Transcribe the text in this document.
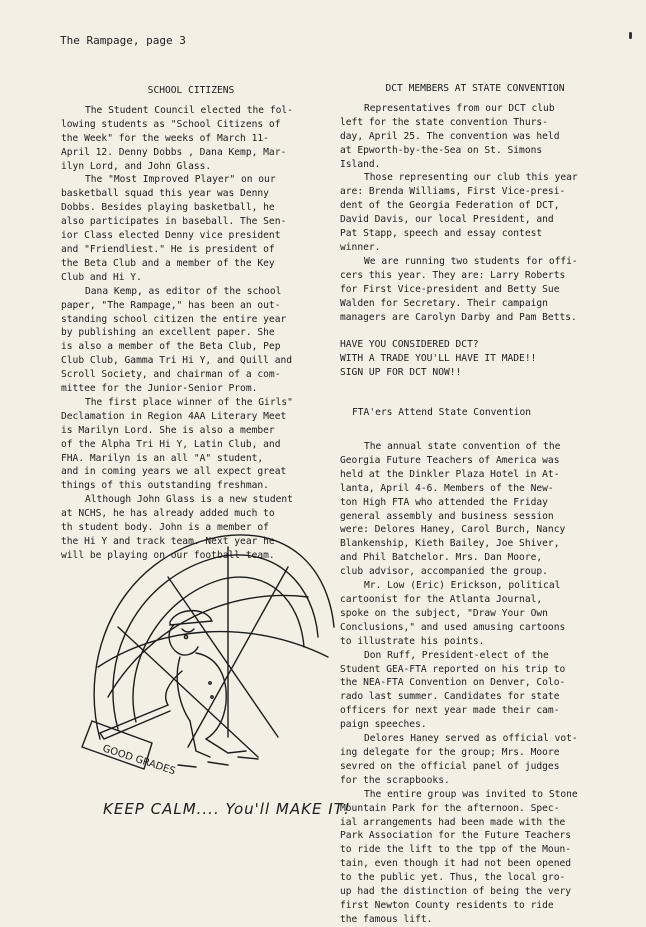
The Rampage, page 3
SCHOOL CITIZENS

The Student Council elected the fol-
lowing students as "School Citizens of
the Week" for the weeks of March 11-
April 12. Denny Dobbs , Dana Kemp, Mar-
ilyn Lord, and John Glass.

The "Most Improved Player" on our
basketball squad this year was Denny
Dobbs. Besides playing basketball, he
also participates in baseball. The Sen-
ior Class elected Denny vice president
and "Friendliest." He is president of
the Beta Club and a member of the Key
Club and Hi Y.

Dana Kemp, as editor of the school
paper, "The Rampage," has been an out-
standing school citizen the entire year
by publishing an excellent paper. She
is also a member of the Beta Club, Pep
Club Club, Gamma Tri Hi Y, and Quill and
Scroll Society, and chairman of a com-
mittee for the Junior-Senior Prom.

The first place winner of the Girls"
Declamation in Region 4AA Literary Meet
is Marilyn Lord. She is also a member
of the Alpha Tri Hi Y, Latin Club, and
FHA. Marilyn is an all "A" student,
and in coming years we all expect great
things of this outstanding freshman.

Although John Glass is a new student
at NCHS, he has already added much to
th student body. John is a member of
the Hi Y and track team. Next year he
will be playing on our football team.

GOOD GRADES
KEEP CALM.... You'll MAKE IT!
DCT MEMBERS AT STATE CONVENTION

Representatives from our DCT club
left for the state convention Thurs-
day, April 25. The convention was held
at Epworth-by-the-Sea on St. Simons
Island.

Those representing our club this year
are: Brenda Williams, First Vice-presi-
dent of the Georgia Federation of DCT,
David Davis, our local President, and
Pat Stapp, speech and essay contest
winner.

We are running two students for offi-
cers this year. They are: Larry Roberts
for First Vice-president and Betty Sue
Walden for Secretary. Their campaign
managers are Carolyn Darby and Pam Betts.

HAVE YOU CONSIDERED DCT?

WITH A TRADE YOU'LL HAVE IT MADE!!

SIGN UP FOR DCT NOW!!

FTA'ers Attend State Convention

The annual state convention of the
Georgia Future Teachers of America was
held at the Dinkler Plaza Hotel in At-
lanta, April 4-6. Members of the New-
ton High FTA who attended the Friday
general assembly and business session
were: Delores Haney, Carol Burch, Nancy
Blankenship, Kieth Bailey, Joe Shiver,
and Phil Batchelor. Mrs. Dan Moore,
club advisor, accompanied the group.

Mr. Low (Eric) Erickson, political
cartoonist for the Atlanta Journal,
spoke on the subject, "Draw Your Own
Conclusions," and used amusing cartoons
to illustrate his points.

Don Ruff, President-elect of the
Student GEA-FTA reported on his trip to
the NEA-FTA Convention on Denver, Colo-
rado last summer. Candidates for state
officers for next year made their cam-
paign speeches.

Delores Haney served as official vot-
ing delegate for the group; Mrs. Moore
sevred on the official panel of judges
for the scrapbooks.

The entire group was invited to Stone
Mountain Park for the afternoon. Spec-
ial arrangements had been made with the
Park Association for the Future Teachers
to ride the lift to the tpp of the Moun-
tain, even though it had not been opened
to the public yet. Thus, the local gro-
up had the distinction of being the very
first Newton County residents to ride
the famous lift.
